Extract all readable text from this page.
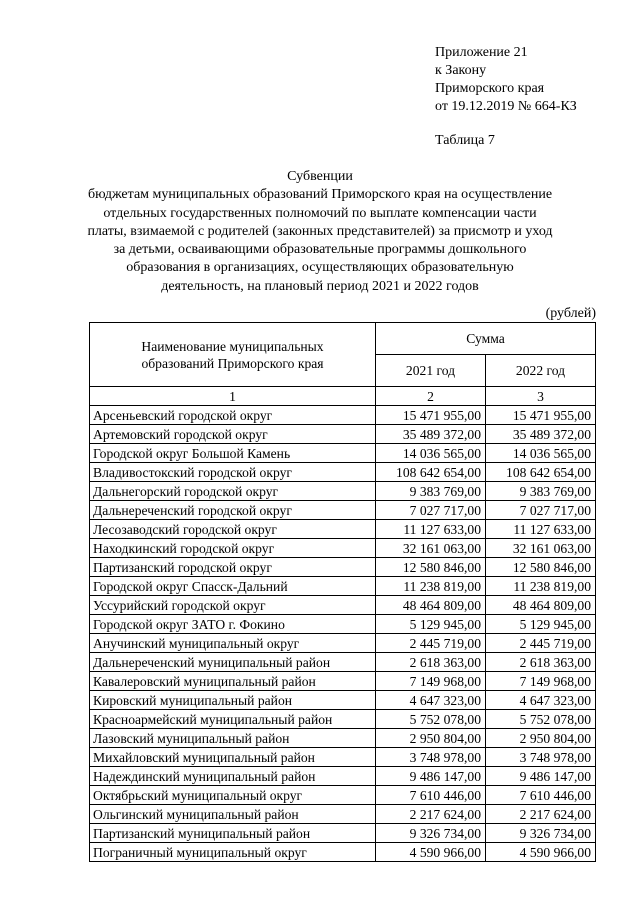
Приложение 21
к Закону
Приморского края
от 19.12.2019 № 664-КЗ
Таблица 7
Субвенции
бюджетам муниципальных образований Приморского края на осуществление
отдельных государственных полномочий по выплате компенсации части
платы, взимаемой с родителей (законных представителей) за присмотр и уход
за детьми, осваивающими образовательные программы дошкольного
образования в организациях, осуществляющих образовательную
деятельность, на плановый период 2021 и 2022 годов
(рублей)
Наименование муниципальных
образований Приморского края	Сумма	
	2021 год	2022 год
1	2	3
Арсеньевский городской округ	15 471 955,00	15 471 955,00
Артемовский городской округ	35 489 372,00	35 489 372,00
Городской округ Большой Камень	14 036 565,00	14 036 565,00
Владивостокский городской округ	108 642 654,00	108 642 654,00
Дальнегорский городской округ	9 383 769,00	9 383 769,00
Дальнереченский городской округ	7 027 717,00	7 027 717,00
Лесозаводский городской округ	11 127 633,00	11 127 633,00
Находкинский городской округ	32 161 063,00	32 161 063,00
Партизанский городской округ	12 580 846,00	12 580 846,00
Городской округ Спасск-Дальний	11 238 819,00	11 238 819,00
Уссурийский городской округ	48 464 809,00	48 464 809,00
Городской округ ЗАТО г. Фокино	5 129 945,00	5 129 945,00
Анучинский муниципальный округ	2 445 719,00	2 445 719,00
Дальнереченский муниципальный район	2 618 363,00	2 618 363,00
Кавалеровский муниципальный район	7 149 968,00	7 149 968,00
Кировский муниципальный район	4 647 323,00	4 647 323,00
Красноармейский муниципальный район	5 752 078,00	5 752 078,00
Лазовский муниципальный район	2 950 804,00	2 950 804,00
Михайловский муниципальный район	3 748 978,00	3 748 978,00
Надеждинский муниципальный район	9 486 147,00	9 486 147,00
Октябрьский муниципальный округ	7 610 446,00	7 610 446,00
Ольгинский муниципальный район	2 217 624,00	2 217 624,00
Партизанский муниципальный район	9 326 734,00	9 326 734,00
Пограничный муниципальный округ	4 590 966,00	4 590 966,00
